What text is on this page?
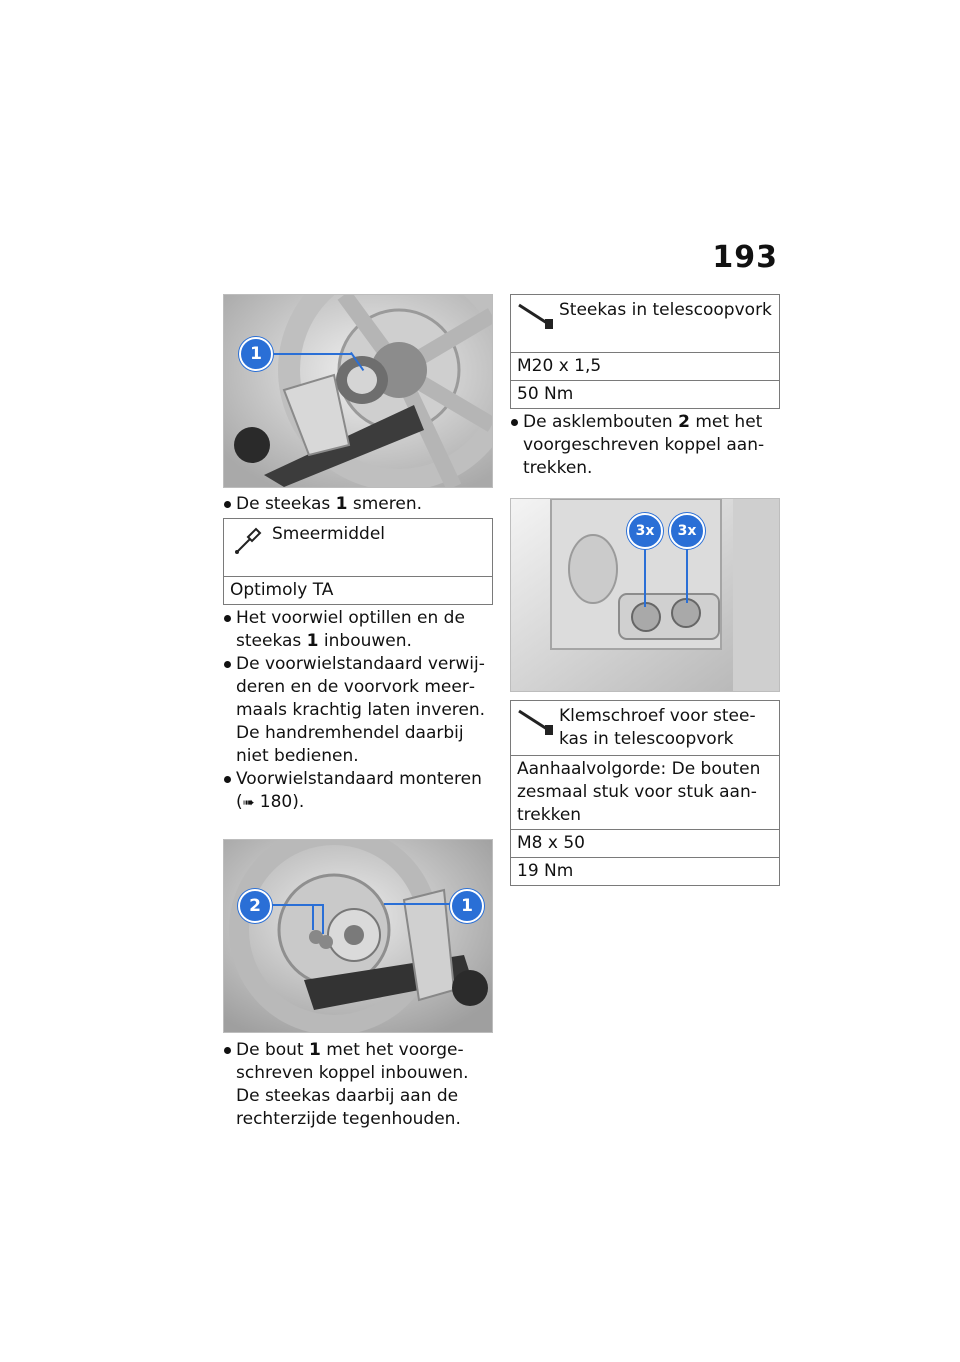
193
1
De steekas 1 smeren.
Smeermiddel
Optimoly TA
Het voorwiel optillen en de steekas 1 inbouwen.
De voorwielstandaard verwijderen en de voorvork meermaals krachtig laten inveren. De handremhendel daarbij niet bedienen.
Voorwielstandaard monteren (➠ 180).
2	1
De bout 1 met het voorgeschreven koppel inbouwen. De steekas daarbij aan de rechterzijde tegenhouden.
Steekas in telescoopvork
M20 x 1,5
50 Nm
De asklembouten 2 met het voorgeschreven koppel aantrekken.
3x	3x
Klemschroef voor steekas in telescoopvork
Aanhaalvolgorde: De bouten zesmaal stuk voor stuk aantrekken
M8 x 50
19 Nm
